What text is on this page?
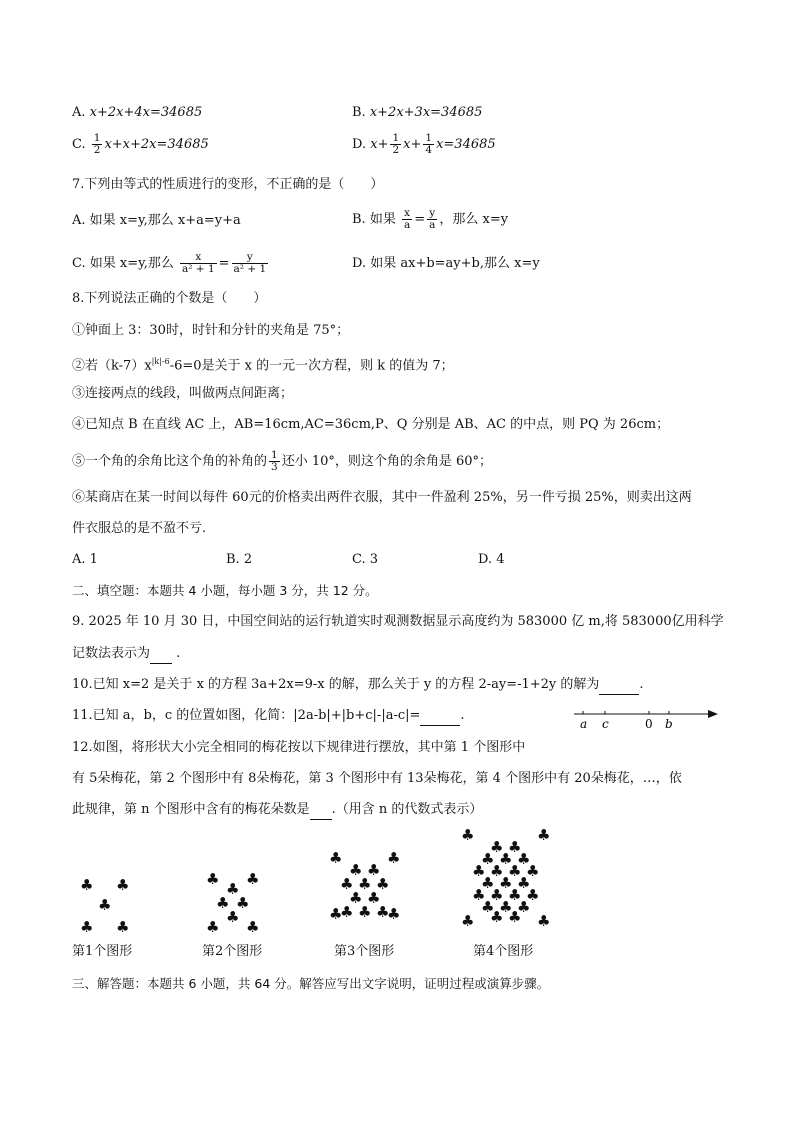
A. x+2x+4x=34685	B. x+2x+3x=34685
C. $\frac{1}{2} x+x+2x=34685$	D. $x+ \frac{1}{2} x+ \frac{1}{4} x=34685$
7.下列由等式的性质进行的变形，不正确的是（　　）
A. 如果 x=y,那么 x+a=y+a	B. 如果 $\frac{x}{a} = \frac{y}{a}$ ，那么 x=y
C. 如果 x=y,那么 $\frac{x}{\text{a² + 1}} = \frac{y}{\text{a² + 1}}$	D. 如果 ax+b=ay+b,那么 x=y
8.下列说法正确的个数是（　　）
①钟面上 3：30时，时针和分针的夹角是 75°；
②若$(k-7)x^{|k|-6}-6=0$是关于 x 的一元一次方程，则 k 的值为 7；
③连接两点的线段，叫做两点间距离；
④已知点 B 在直线 AC 上，AB=16cm,AC=36cm,P、Q 分别是 AB、AC 的中点，则 PQ 为 26cm；
⑤一个角的余角比这个角的补角的 $\frac{1}{3}$ 还小 10°，则这个角的余角是 60°；
⑥某商店在某一时间以每件 60元的价格卖出两件衣服，其中一件盈利 25%，另一件亏损 25%，则卖出这两
件衣服总的是不盈不亏.
A. 1	B. 2	C. 3	D. 4
二、填空题：本题共 4 小题，每小题 3 分，共 12 分。
9. 2025 年 10 月 30 日，中国空间站的运行轨道实时观测数据显示高度约为 583000 亿 m,将 583000亿用科学
记数法表示为 .
10.已知 x=2 是关于 x 的方程 3a+2x=9-x 的解，那么关于 y 的方程 2-ay=-1+2y 的解为	.
11.已知 a，b，c 的位置如图，化简：|2a-b|+|b+c|-|a-c|=	.
a c	0 b
12.如图，将形状大小完全相同的梅花按以下规律进行摆放，其中第 1 个图形中
有 5朵梅花，第 2 个图形中有 8朵梅花，第 3 个图形中有 13朵梅花，第 4 个图形中有 20朵梅花，…，依
此规律，第 n 个图形中含有的梅花朵数是 .（用含 n 的代数式表示）
♣ ♣
♣
♣ ♣
♣ ♣
♣
♣ ♣
♣
♣ ♣
♣	♣
♣ ♣
♣ ♣ ♣
♣ ♣
♣ ♣ ♣
♣	♣
♣	♣
♣ ♣
♣ ♣ ♣
♣ ♣ ♣ ♣
♣ ♣ ♣
♣ ♣ ♣ ♣
♣ ♣ ♣
♣ ♣
♣	♣
第1个图形	第2个图形	第3个图形	第4个图形
三、解答题：本题共 6 小题，共 64 分。解答应写出文字说明，证明过程或演算步骤。
